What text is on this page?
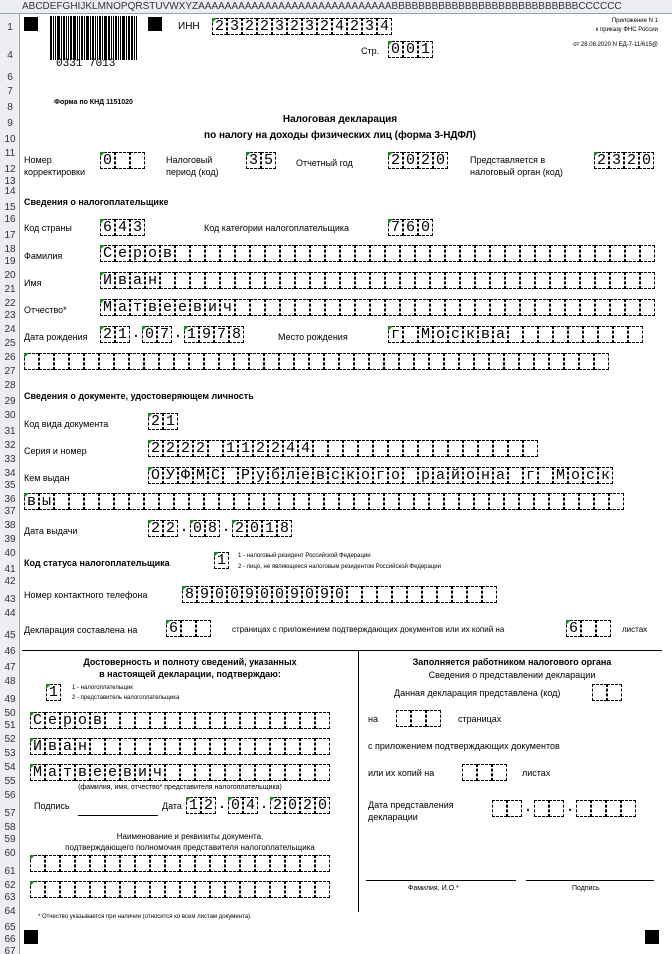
ABCDEFGHIJKLMNOPQRSTUVWXYZAAAAAAAAAAAAAAAAAAAAAAAAAAAAABBBBBBBBBBBBBBBBBBBBBBBBBBBBCCCCCC
1
4
6
7
8
9
10
11
12
13
14
15
16
17
18
19
20
21
22
23
24
25
26
27
28
29
30
31
32
33
34
35
36
37
38
39
40
41
42
43
44
45
46
47
48
49
50
51
52
53
54
55
56
57
58
59
60
61
62
63
64
65
66
67
0331 7013
ИНН 2 3 2 2 3 2 3 2 4 2 3 4
Стр. 0 0 1
Приложение N 1
к приказу ФНС России
от 28.08.2020 N ЕД-7-11/615@
Форма по КНД 1151020
Налоговая декларация
по налогу на доходы физических лиц (форма 3-НДФЛ)
Номер
корректировки
0	Налоговый
период (код)
3 5	Отчетный год	2 0 2 0	Представляется в
налоговый орган (код)
2 3 2 0
Сведения о налогоплательщике
Код страны 6 4 3	Код категории налогоплательщика	7 6 0
Фамилия	С е р о в
Имя	И в а н
Отчество* М а т в е е в и ч
Дата рождения 2 1 . 0 7 . 1 9 7 8	Место рождения	г М о с к в а
Сведения о документе, удостоверяющем личность
Код вида документа	2 1
Серия и номер	2 2 2 2 1 1 2 2 4 4
Кем выдан	О У Ф М С Р у б л е в с к о г о р а й о н а г М о с к
в ы
Дата выдачи	2 2 . 0 8 . 2 0 1 8
Код статуса налогоплательщика	1	1 - налоговый резидент Российской Федерации
2 - лицо, не являющееся налоговым резидентом Российской Федерации
Номер контактного телефона	8 9 0 0 9 0 0 9 0 9 0
Декларация составлена на 6	страницах с приложением подтверждающих документов или их копий на	6	листах
Достоверность и полноту сведений, указанных
в настоящей декларации, подтверждаю:
1	1 - налогоплательщик
2 - представитель налогоплательщика
С е р о в
И в а н
М а т в е е в и ч
(фамилия, имя, отчество* представителя налогоплательщика)
Подпись	Дата 1 2 . 0 4 . 2 0 2 0
Наименование и реквизиты документа,
подтверждающего полномочия представителя налогоплательщика
Заполняется работником налогового органа
Сведения о представлении декларации
Данная декларация представлена (код)
на	страницах
с приложением подтверждающих документов
или их копий на	листах
Дата представления
декларации
. .
Фамилия, И.О.*	Подпись
* Отчество указывается при наличии (относится ко всем листам документа).
